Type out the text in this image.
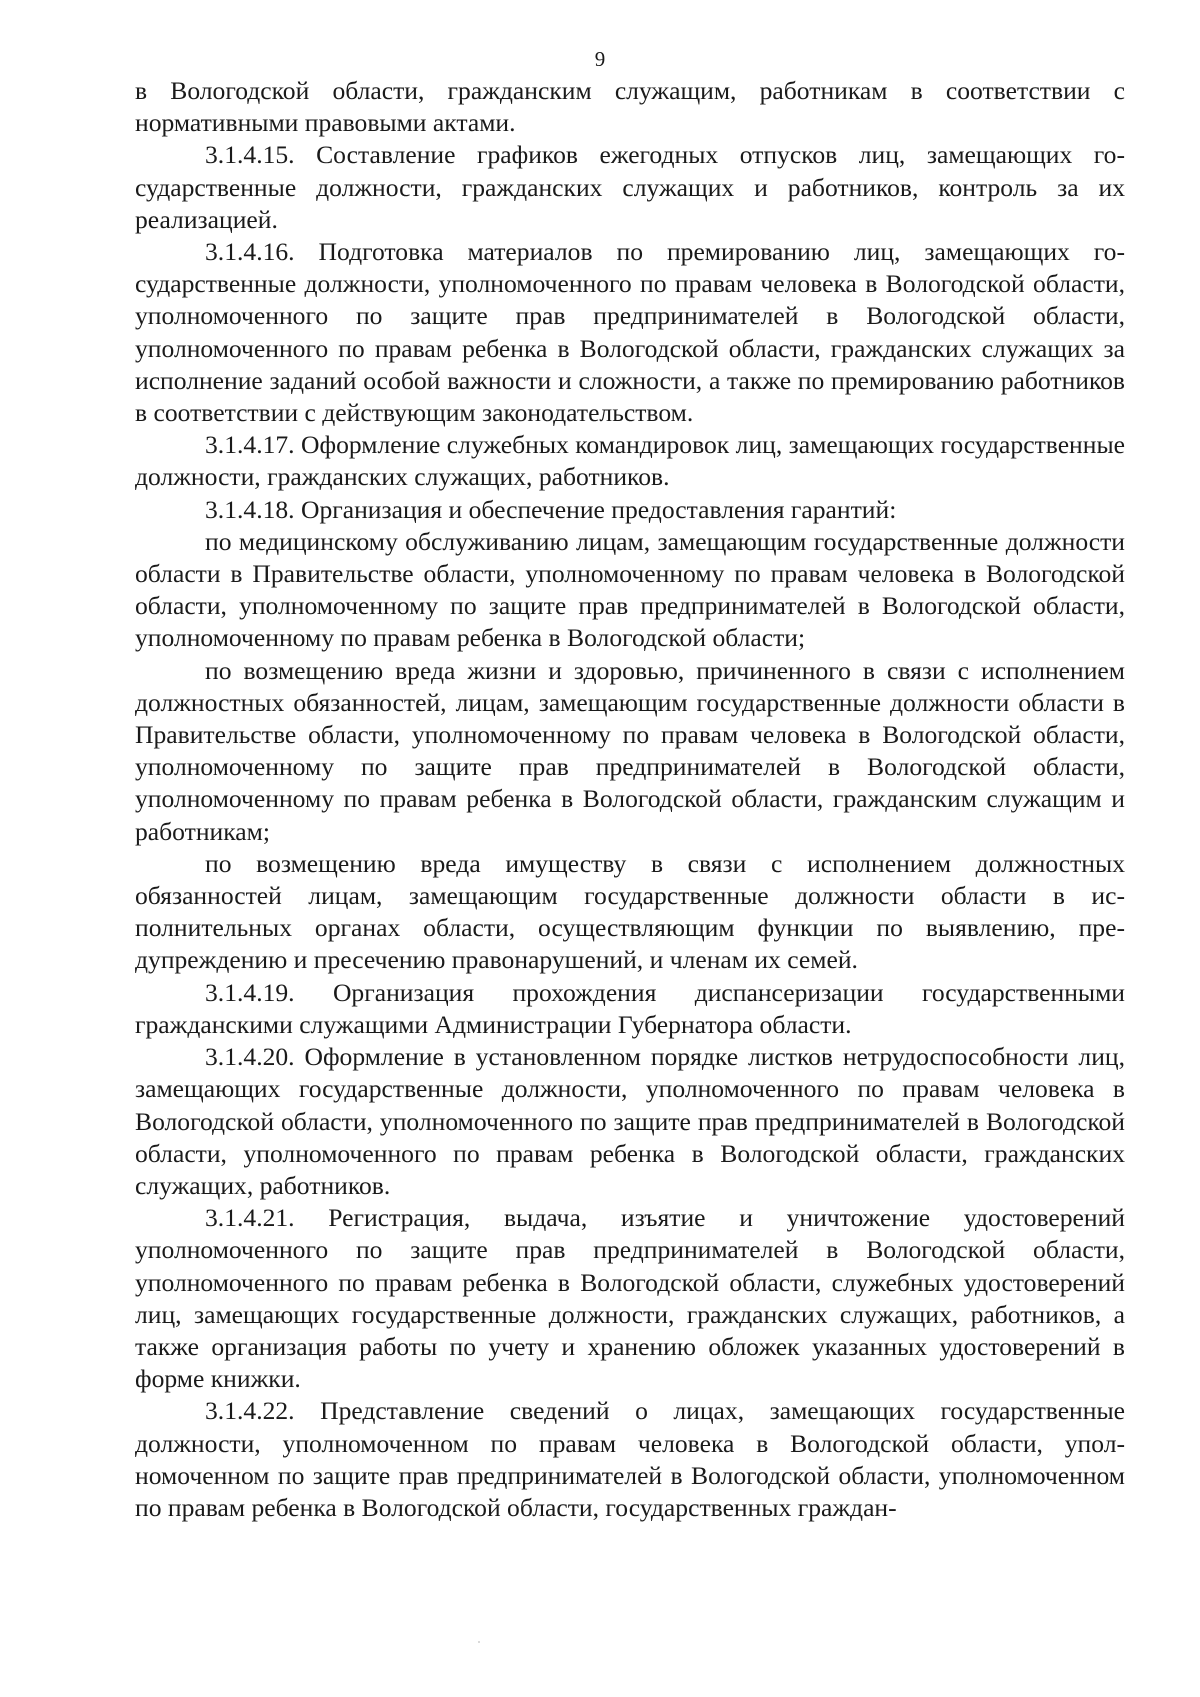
9

в Вологодской области, гражданским служащим, работникам в соответствии с нормативными правовыми актами.

3.1.4.15. Составление графиков ежегодных отпусков лиц, замещающих государственные должности, гражданских служащих и работников, контроль за их реализацией.

3.1.4.16. Подготовка материалов по премированию лиц, замещающих государственные должности, уполномоченного по правам человека в Вологодской области, уполномоченного по защите прав предпринимателей в Вологодской области, уполномоченного по правам ребенка в Вологодской области, гражданских служащих за исполнение заданий особой важности и сложности, а также по премированию работников в соответствии с действующим законодательством.

3.1.4.17. Оформление служебных командировок лиц, замещающих государственные должности, гражданских служащих, работников.

3.1.4.18. Организация и обеспечение предоставления гарантий:

по медицинскому обслуживанию лицам, замещающим государственные должности области в Правительстве области, уполномоченному по правам человека в Вологодской области, уполномоченному по защите прав предпринимателей в Вологодской области, уполномоченному по правам ребенка в Вологодской области;

по возмещению вреда жизни и здоровью, причиненного в связи с исполнением должностных обязанностей, лицам, замещающим государственные должности области в Правительстве области, уполномоченному по правам человека в Вологодской области, уполномоченному по защите прав предпринимателей в Вологодской области, уполномоченному по правам ребенка в Вологодской области, гражданским служащим и работникам;

по возмещению вреда имуществу в связи с исполнением должностных обязанностей лицам, замещающим государственные должности области в исполнительных органах области, осуществляющим функции по выявлению, предупреждению и пресечению правонарушений, и членам их семей.

3.1.4.19. Организация прохождения диспансеризации государственными гражданскими служащими Администрации Губернатора области.

3.1.4.20. Оформление в установленном порядке листков нетрудоспособности лиц, замещающих государственные должности, уполномоченного по правам человека в Вологодской области, уполномоченного по защите прав предпринимателей в Вологодской области, уполномоченного по правам ребенка в Вологодской области, гражданских служащих, работников.

3.1.4.21. Регистрация, выдача, изъятие и уничтожение удостоверений уполномоченного по защите прав предпринимателей в Вологодской области, уполномоченного по правам ребенка в Вологодской области, служебных удостоверений лиц, замещающих государственные должности, гражданских служащих, работников, а также организация работы по учету и хранению обложек указанных удостоверений в форме книжки.

3.1.4.22. Представление сведений о лицах, замещающих государственные должности, уполномоченном по правам человека в Вологодской области, уполномоченном по защите прав предпринимателей в Вологодской области, уполномоченном по правам ребенка в Вологодской области, государственных граждан-
